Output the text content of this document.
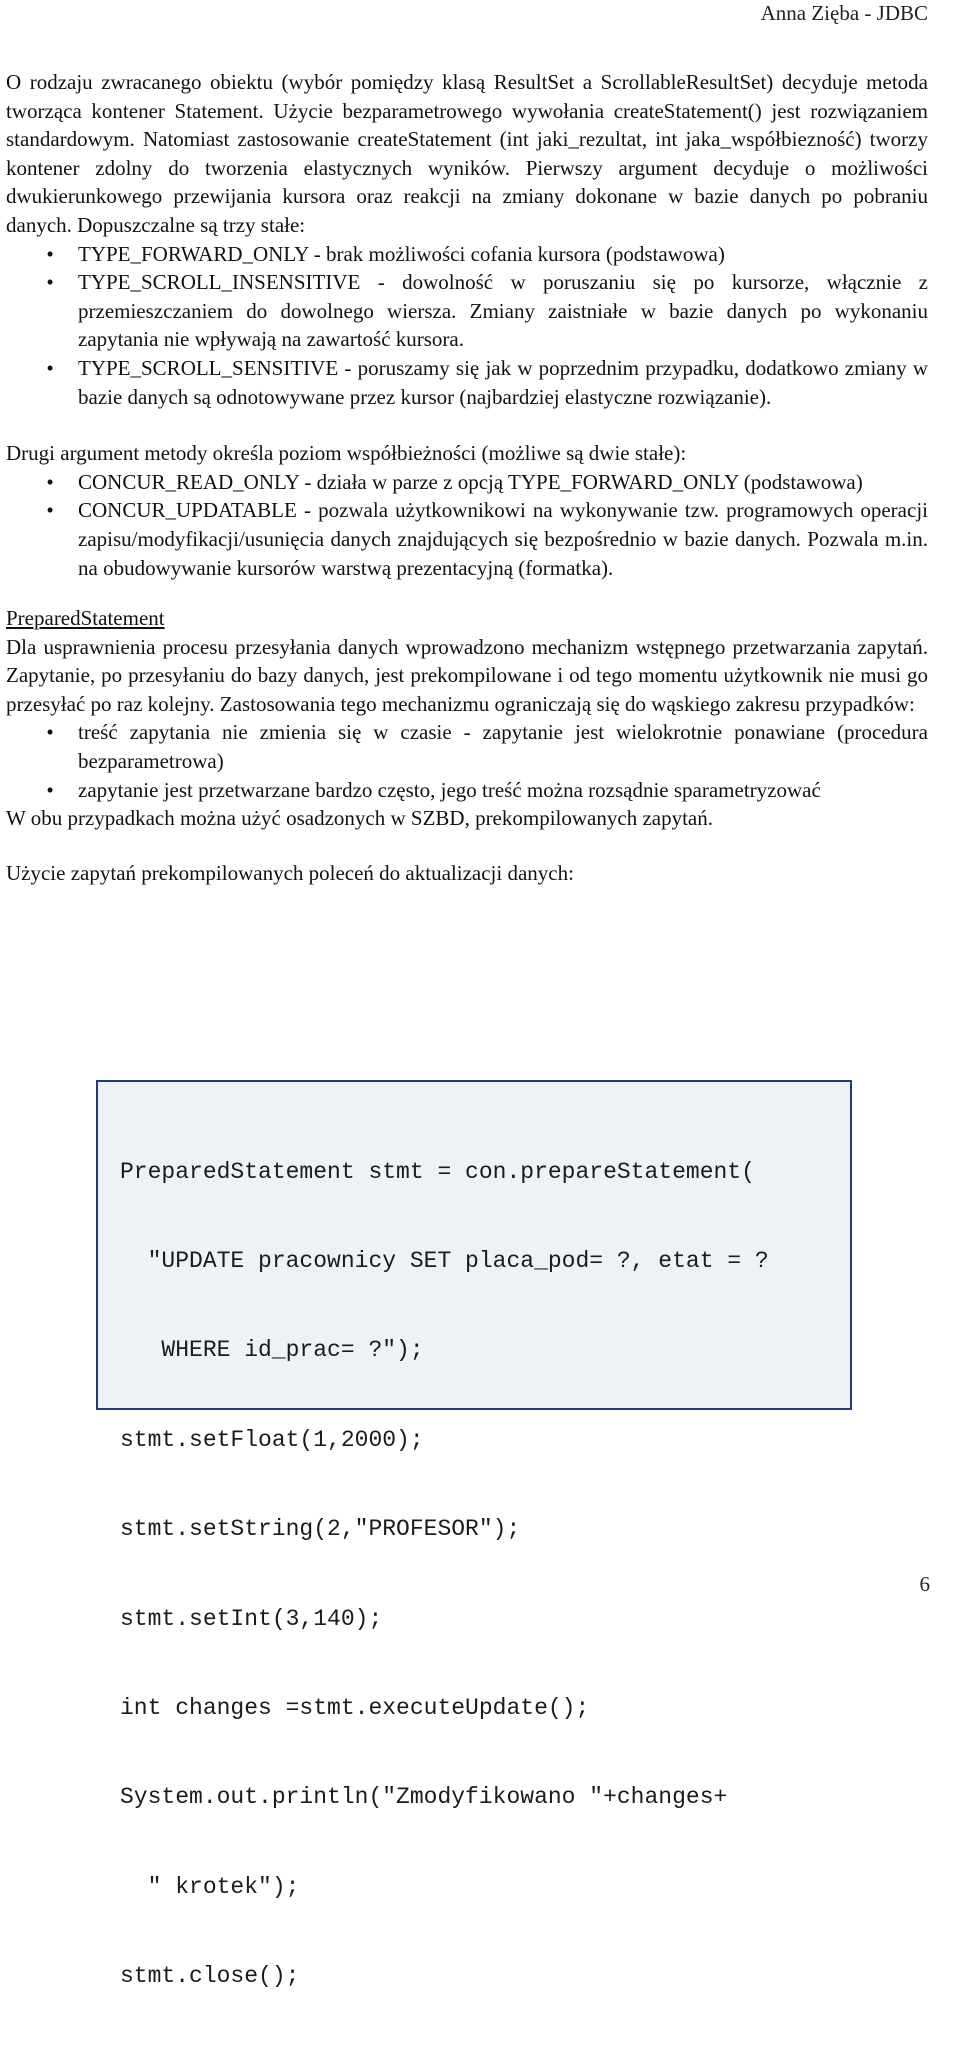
Anna Zięba - JDBC

O rodzaju zwracanego obiektu (wybór pomiędzy klasą ResultSet a ScrollableResultSet) decyduje metoda tworząca kontener Statement. Użycie bezparametrowego wywołania createStatement() jest rozwiązaniem standardowym. Natomiast zastosowanie createStatement (int jaki_rezultat, int jaka_współbiezność) tworzy kontener zdolny do tworzenia elastycznych wyników. Pierwszy argument decyduje o możliwości dwukierunkowego przewijania kursora oraz reakcji na zmiany dokonane w bazie danych po pobraniu danych. Dopuszczalne są trzy stałe:

• TYPE_FORWARD_ONLY - brak możliwości cofania kursora (podstawowa)
• TYPE_SCROLL_INSENSITIVE - dowolność w poruszaniu się po kursorze, włącznie z przemieszczaniem do dowolnego wiersza. Zmiany zaistniałe w bazie danych po wykonaniu zapytania nie wpływają na zawartość kursora.
• TYPE_SCROLL_SENSITIVE - poruszamy się jak w poprzednim przypadku, dodatkowo zmiany w bazie danych są odnotowywane przez kursor (najbardziej elastyczne rozwiązanie).

Drugi argument metody określa poziom współbieżności (możliwe są dwie stałe):

• CONCUR_READ_ONLY - działa w parze z opcją TYPE_FORWARD_ONLY (podstawowa)
• CONCUR_UPDATABLE - pozwala użytkownikowi na wykonywanie tzw. programowych operacji zapisu/modyfikacji/usunięcia danych znajdujących się bezpośrednio w bazie danych. Pozwala m.in. na obudowywanie kursorów warstwą prezentacyjną (formatka).

PreparedStatement

Dla usprawnienia procesu przesyłania danych wprowadzono mechanizm wstępnego przetwarzania zapytań. Zapytanie, po przesyłaniu do bazy danych, jest prekompilowane i od tego momentu użytkownik nie musi go przesyłać po raz kolejny. Zastosowania tego mechanizmu ograniczają się do wąskiego zakresu przypadków:

• treść zapytania nie zmienia się w czasie - zapytanie jest wielokrotnie ponawiane (procedura bezparametrowa)
• zapytanie jest przetwarzane bardzo często, jego treść można rozsądnie sparametryzować

W obu przypadkach można użyć osadzonych w SZBD, prekompilowanych zapytań.

Użycie zapytań prekompilowanych poleceń do aktualizacji danych:

PreparedStatement stmt = con.prepareStatement(

"UPDATE pracownicy SET placa_pod= ?, etat = ?

WHERE id_prac= ?");

stmt.setFloat(1,2000);

stmt.setString(2,"PROFESOR");

stmt.setInt(3,140);

int changes =stmt.executeUpdate();

System.out.println("Zmodyfikowano "+changes+

" krotek");

stmt.close();

6
